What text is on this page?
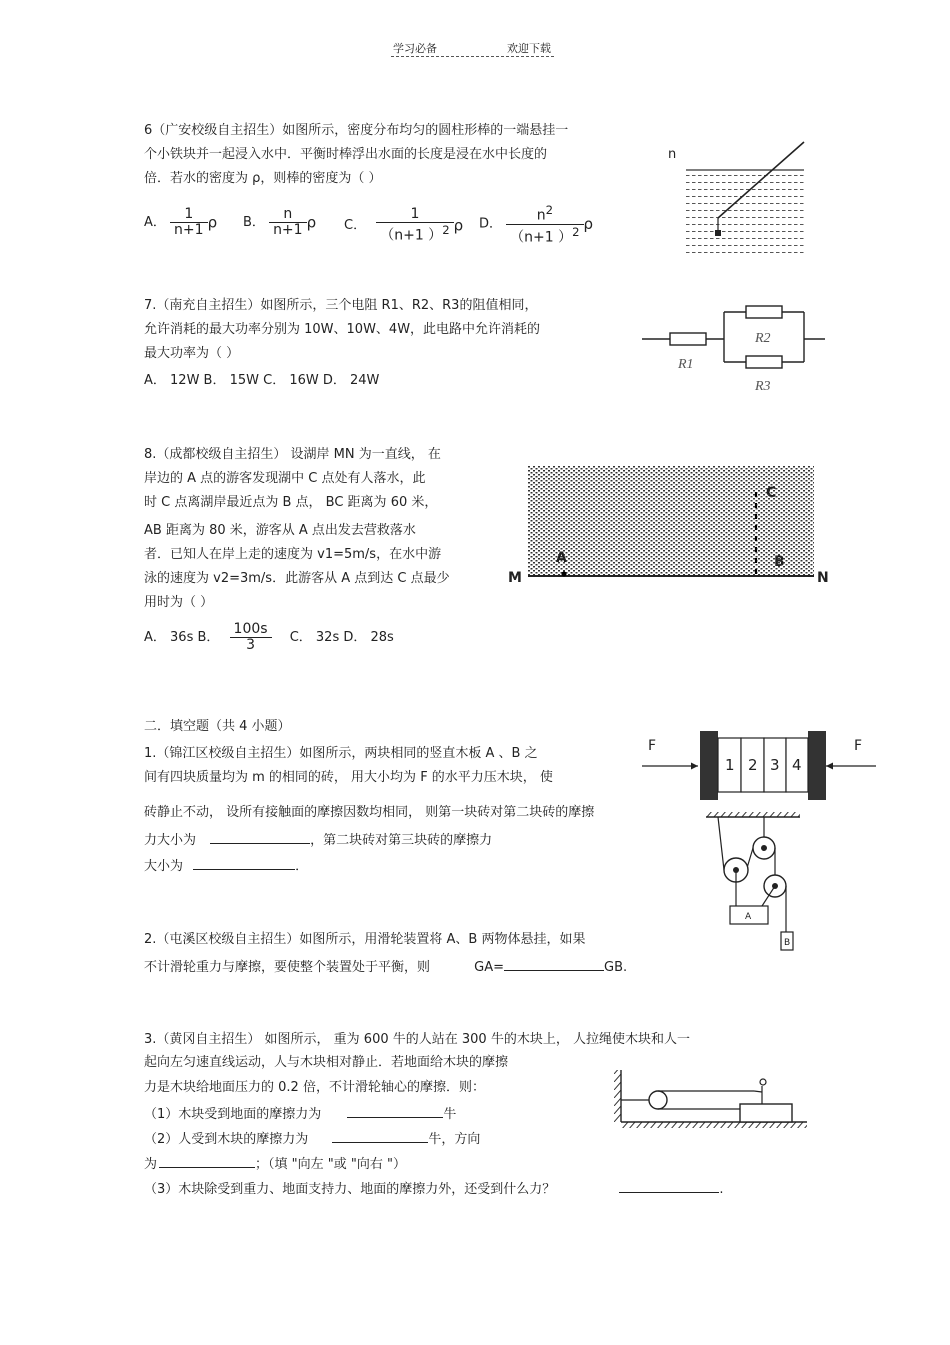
学习必备	欢迎下载
6（广安校级自主招生）如图所示，密度分布均匀的圆柱形棒的一端悬挂一
个小铁块并一起浸入水中．平衡时棒浮出水面的长度是浸在水中长度的
倍．若水的密度为 ρ，则棒的密度为（ ）
A． $\frac{1}{n+1}$ ρ B． $\frac{n}{n+1}$ ρ C． $\frac{1}{(n+1 )^2}$ ρ D． $\frac{n^2}{(n+1 )^2}$ ρ
n
7.（南充自主招生）如图所示，三个电阻 R1、R2、R3的阻值相同，
允许消耗的最大功率分别为 10W、10W、4W，此电路中允许消耗的
最大功率为（ ）
A． 12W B． 15W C． 16W D． 24W
R1
R2
R3
8.（成都校级自主招生） 设湖岸 MN 为一直线， 在
岸边的 A 点的游客发现湖中 C 点处有人落水，此
时 C 点离湖岸最近点为 B 点， BC 距离为 60 米，
AB 距离为 80 米，游客从 A 点出发去营救落水
者．已知人在岸上走的速度为 v1=5m/s，在水中游
泳的速度为 v2=3m/s．此游客从 A 点到达 C 点最少
用时为（ ）
A． 36s B． $\frac{100s}{3}$ C． 32s D． 28s
M	N
A	B
C
二．填空题（共 4 小题）
1.（锦江区校级自主招生）如图所示，两块相同的竖直木板 A 、B 之
间有四块质量均为 m 的相同的砖， 用大小均为 F 的水平力压木块， 使
砖静止不动， 设所有接触面的摩擦因数均相同， 则第一块砖对第二块砖的摩擦
力大小为	，第二块砖对第三块砖的摩擦力
大小为	．
F	F
1 2 3 4
2.（屯溪区校级自主招生）如图所示，用滑轮装置将 A、B 两物体悬挂，如果
不计滑轮重力与摩擦，要使整个装置处于平衡，则	GA=	GB.
A
B
3.（黄冈自主招生） 如图所示， 重为 600 牛的人站在 300 牛的木块上， 人拉绳使木块和人一
起向左匀速直线运动，人与木块相对静止．若地面给木块的摩擦
力是木块给地面压力的 0.2 倍，不计滑轮轴心的摩擦．则：
（1）木块受到地面的摩擦力为	牛
（2）人受到木块的摩擦力为	牛，方向
为	；（填 "向左 "或 "向右 "）
（3）木块除受到重力、地面支持力、地面的摩擦力外，还受到什么力？	.
